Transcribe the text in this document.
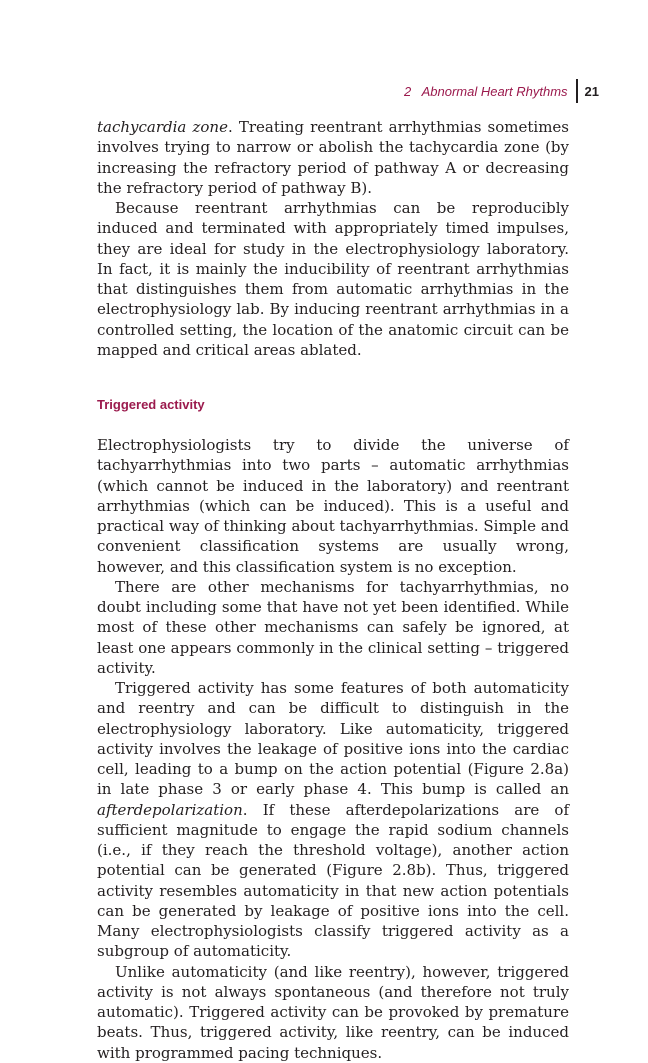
2   Abnormal Heart Rhythms 21

tachycardia zone. Treating reentrant arrhythmias sometimes involves trying to narrow or abolish the tachycardia zone (by increasing the refractory period of pathway A or decreasing the refractory period of pathway B).

Because reentrant arrhythmias can be reproducibly induced and terminated with appropriately timed impulses, they are ideal for study in the electrophysiology laboratory. In fact, it is mainly the inducibility of reentrant arrhythmias that distinguishes them from automatic arrhythmias in the electrophysiology lab. By inducing reentrant arrhythmias in a controlled setting, the location of the anatomic circuit can be mapped and critical areas ablated.

Triggered activity

Electrophysiologists try to divide the universe of tachyarrhythmias into two parts – automatic arrhythmias (which cannot be induced in the laboratory) and reentrant arrhythmias (which can be induced). This is a useful and practical way of thinking about tachyarrhythmias. Simple and convenient classification systems are usually wrong, however, and this classification system is no exception.

There are other mechanisms for tachyarrhythmias, no doubt including some that have not yet been identified. While most of these other mechanisms can safely be ignored, at least one appears commonly in the clinical setting – triggered activity.

Triggered activity has some features of both automaticity and reentry and can be difficult to distinguish in the electrophysiology laboratory. Like automaticity, triggered activity involves the leakage of positive ions into the cardiac cell, leading to a bump on the action potential (Figure 2.8a) in late phase 3 or early phase 4. This bump is called an afterdepolarization. If these afterdepolarizations are of sufficient magnitude to engage the rapid sodium channels (i.e., if they reach the threshold voltage), another action potential can be generated (Figure 2.8b). Thus, triggered activity resembles automaticity in that new action potentials can be generated by leakage of positive ions into the cell. Many electrophysiologists classify triggered activity as a subgroup of automaticity.

Unlike automaticity (and like reentry), however, triggered activity is not always spontaneous (and therefore not truly automatic). Triggered activity can be provoked by premature beats. Thus, triggered activity, like reentry, can be induced with programmed pacing techniques.
